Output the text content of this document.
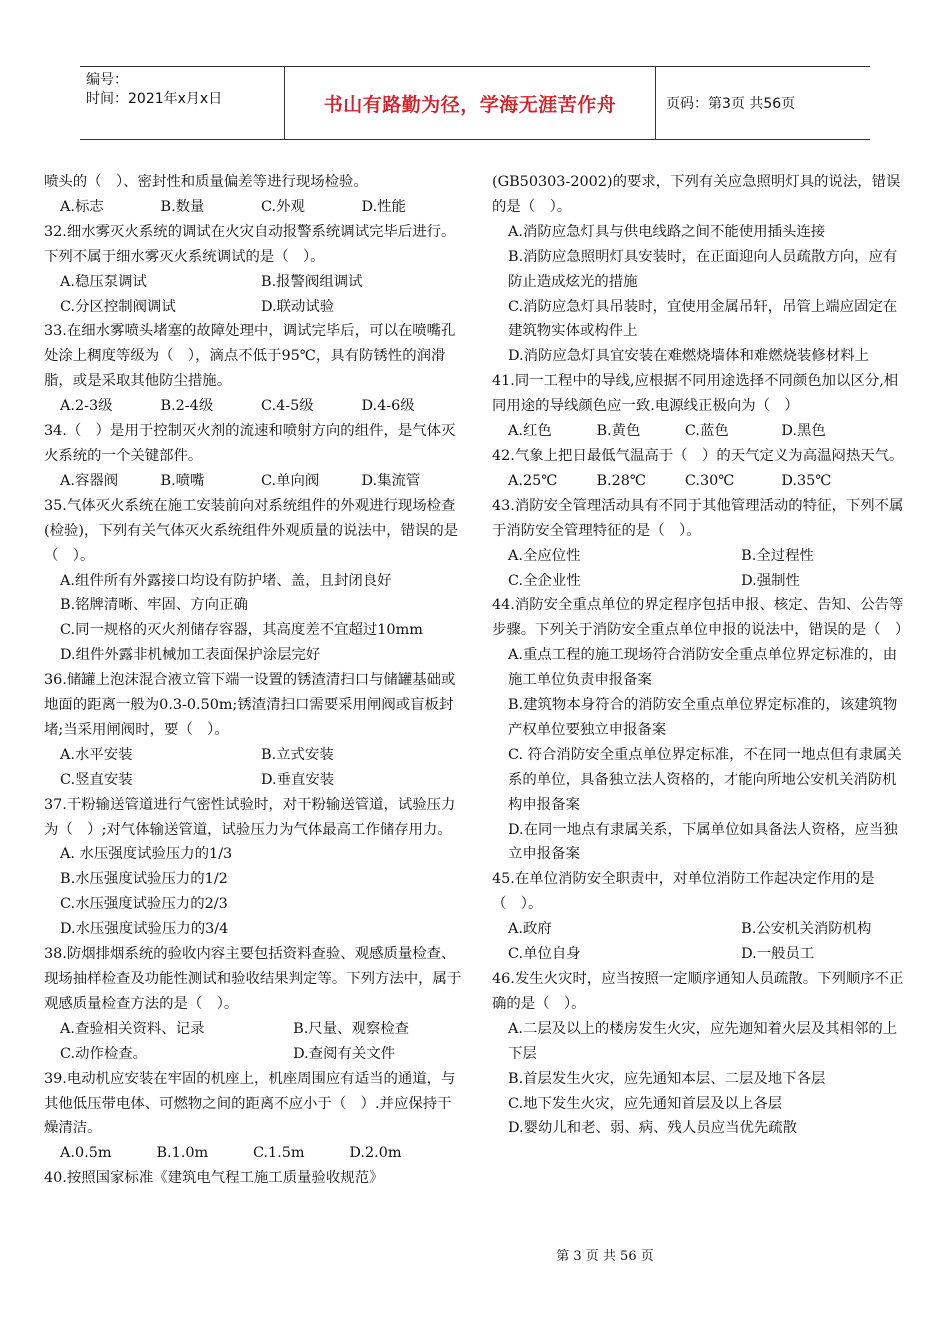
编号：
时间：2021年x月x日	书山有路勤为径，学海无涯苦作舟	页码：第3页 共56页
喷头的（　）、密封性和质量偏差等进行现场检验。
A.标志	B.数量	C.外观	D.性能
32.细水雾灭火系统的调试在火灾自动报警系统调试完毕后进行。下列不属于细水雾灭火系统调试的是（　）。
A.稳压泵调试	B.报警阀组调试
C.分区控制阀调试	D.联动试验
33.在细水雾喷头堵塞的故障处理中，调试完毕后，可以在喷嘴孔处涂上稠度等级为（　），滴点不低于95℃，具有防锈性的润滑脂，或是采取其他防尘措施。
A.2-3级	B.2-4级	C.4-5级	D.4-6级
34.（　）是用于控制灭火剂的流速和喷射方向的组件，是气体灭火系统的一个关键部件。
A.容器阀	B.喷嘴	C.单向阀	D.集流管
35.气体灭火系统在施工安装前向对系统组件的外观进行现场检查(检验)，下列有关气体灭火系统组件外观质量的说法中，错误的是（　）。
A.组件所有外露接口均设有防护堵、盖，且封闭良好
B.铭牌清晰、牢固、方向正确
C.同一规格的灭火剂储存容器，其高度差不宜超过10mm
D.组件外露非机械加工表面保护涂层完好
36.储罐上泡沫混合液立管下端一设置的锈渣清扫口与储罐基础或地面的距离一般为0.3-0.50m;锈渣清扫口需要采用闸阀或盲板封堵;当采用闸阀时，要（　）。
A.水平安装	B.立式安装
C.竖直安装	D.垂直安装
37.干粉输送管道进行气密性试验时，对干粉输送管道，试验压力为（　）;对气体输送管道，试验压力为气体最高工作储存用力。
A. 水压强度试验压力的1/3
B.水压强度试验压力的1/2
C.水压强度试验压力的2/3
D.水压强度试验压力的3/4
38.防烟排烟系统的验收内容主要包括资料查验、观感质量检查、现场抽样检查及功能性测试和验收结果判定等。下列方法中，属于观感质量检查方法的是（　）。
A.查验相关资料、记录	B.尺量、观察检查
C.动作检查。	D.查阅有关文件
39.电动机应安装在牢固的机座上，机座周围应有适当的通道，与其他低压带电体、可燃物之间的距离不应小于（　）.并应保持干燥清洁。
A.0.5m	B.1.0m	C.1.5m	D.2.0m
40.按照国家标准《建筑电气程工施工质量验收规范》
(GB50303-2002)的要求，下列有关应急照明灯具的说法，错误的是（　）。
A.消防应急灯具与供电线路之间不能使用插头连接
B.消防应急照明灯具安装时，在正面迎向人员疏散方向，应有防止造成炫光的措施
C.消防应急灯具吊装时，宜使用金属吊轩，吊管上端应固定在建筑物实体或构件上
D.消防应急灯具宜安装在难燃烧墙体和难燃烧装修材料上
41.同一工程中的导线,应根据不同用途选择不同颜色加以区分,相同用途的导线颜色应一致.电源线正极向为（　）
A.红色	B.黄色	C.蓝色	D.黑色
42.气象上把日最低气温高于（　）的天气定义为高温闷热天气。
A.25℃	B.28℃	C.30℃	D.35℃
43.消防安全管理活动具有不同于其他管理活动的特征，下列不属于消防安全管理特征的是（　）。
A.全应位性	B.全过程性
C.全企业性	D.强制性
44.消防安全重点单位的界定程序包括申报、核定、告知、公告等步骤。下列关于消防安全重点单位申报的说法中，错误的是（　）
A.重点工程的施工现场符合消防安全重点单位界定标准的，由施工单位负责申报备案
B.建筑物本身符合的消防安全重点单位界定标准的，该建筑物产权单位要独立申报备案
C. 符合消防安全重点单位界定标准，不在同一地点但有隶属关系的单位，具备独立法人资格的，才能向所地公安机关消防机构申报备案
D.在同一地点有隶属关系，下属单位如具备法人资格，应当独立申报备案
45.在单位消防安全职责中，对单位消防工作起决定作用的是（　）。
A.政府	B.公安机关消防机构
C.单位自身	D.一般员工
46.发生火灾时，应当按照一定顺序通知人员疏散。下列顺序不正确的是（　）。
A.二层及以上的楼房发生火灾，应先迦知着火层及其相邻的上下层
B.首层发生火灾，应先通知本层、二层及地下各层
C.地下发生火灾，应先通知首层及以上各层
D.婴幼儿和老、弱、病、残人员应当优先疏散
第 3 页 共 56 页
